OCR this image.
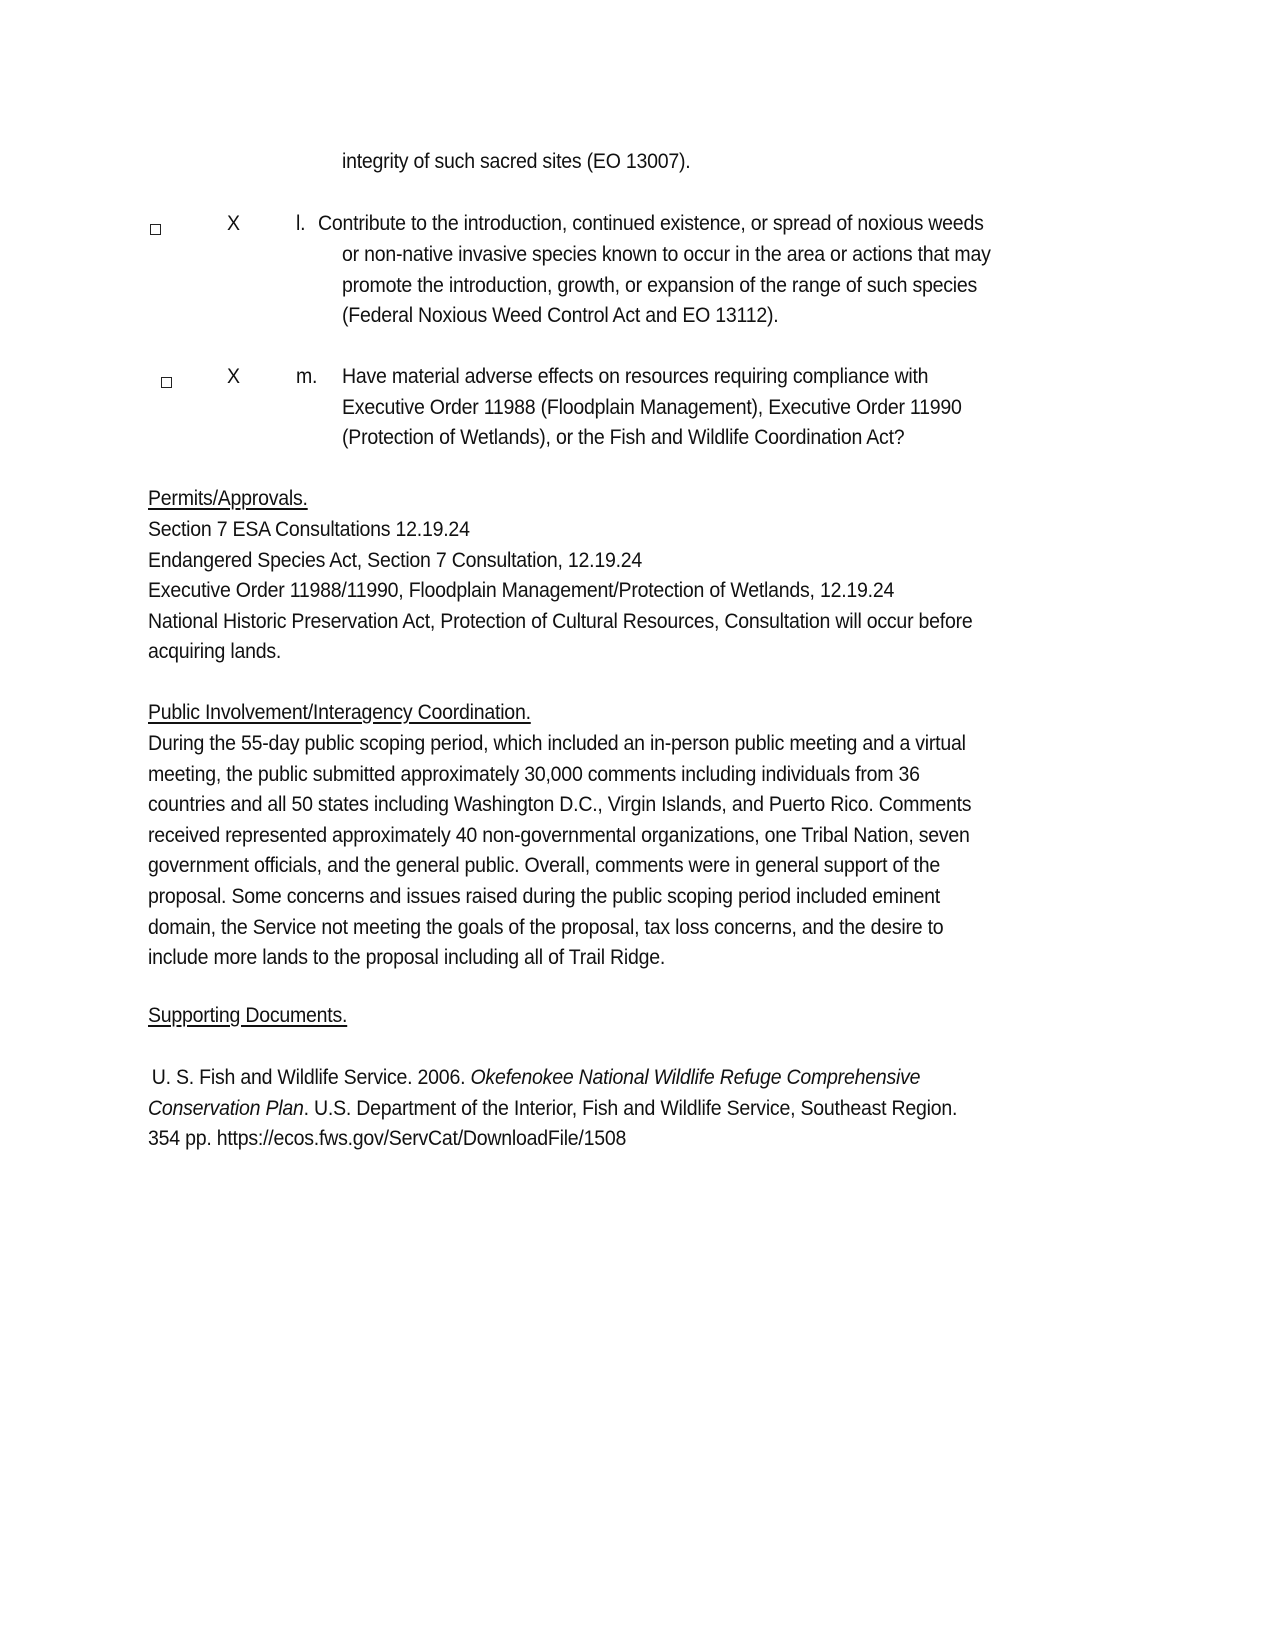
integrity of such sacred sites (EO 13007).
X	l. Contribute to the introduction, continued existence, or spread of noxious weeds
or non-native invasive species known to occur in the area or actions that may
promote the introduction, growth, or expansion of the range of such species
(Federal Noxious Weed Control Act and EO 13112).
X	m. Have material adverse effects on resources requiring compliance with
Executive Order 11988 (Floodplain Management), Executive Order 11990
(Protection of Wetlands), or the Fish and Wildlife Coordination Act?
Permits/Approvals.
Section 7 ESA Consultations 12.19.24
Endangered Species Act, Section 7 Consultation, 12.19.24
Executive Order 11988/11990, Floodplain Management/Protection of Wetlands, 12.19.24
National Historic Preservation Act, Protection of Cultural Resources, Consultation will occur before
acquiring lands.
Public Involvement/Interagency Coordination.
During the 55-day public scoping period, which included an in-person public meeting and a virtual
meeting, the public submitted approximately 30,000 comments including individuals from 36
countries and all 50 states including Washington D.C., Virgin Islands, and Puerto Rico. Comments
received represented approximately 40 non-governmental organizations, one Tribal Nation, seven
government officials, and the general public. Overall, comments were in general support of the
proposal. Some concerns and issues raised during the public scoping period included eminent
domain, the Service not meeting the goals of the proposal, tax loss concerns, and the desire to
include more lands to the proposal including all of Trail Ridge.
Supporting Documents.
U. S. Fish and Wildlife Service. 2006. Okefenokee National Wildlife Refuge Comprehensive
Conservation Plan. U.S. Department of the Interior, Fish and Wildlife Service, Southeast Region.
354 pp. https://ecos.fws.gov/ServCat/DownloadFile/1508
